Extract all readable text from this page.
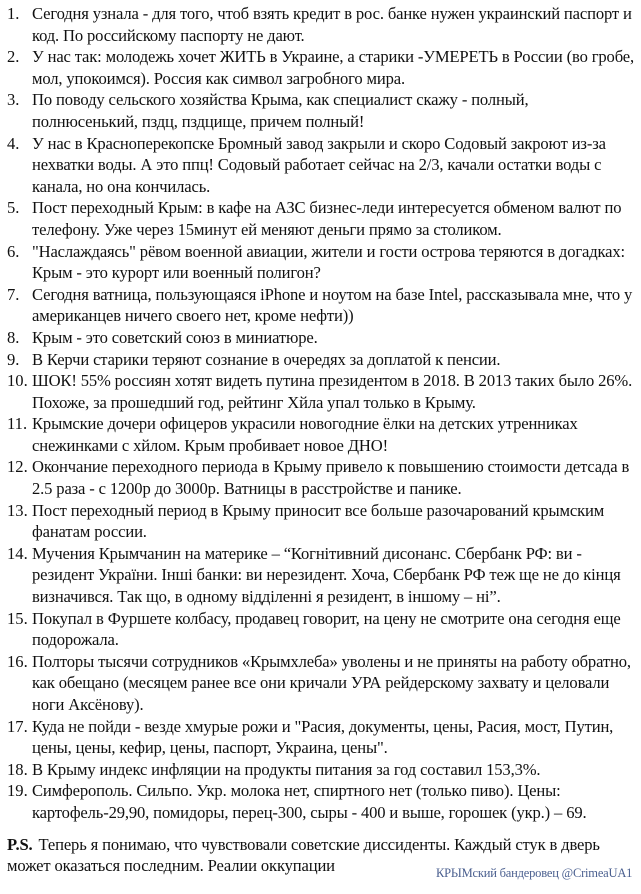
1. Сегодня узнала - для того, чтоб взять кредит в рос. банке нужен украинский паспорт и код. По российскому паспорту не дают.
2. У нас так: молодежь хочет ЖИТЬ в Украине, а старики -УМЕРЕТЬ в России (во гробе, мол, упокоимся). Россия как символ загробного мира.
3. По поводу сельского хозяйства Крыма, как специалист скажу - полный, полнюсенький, пздц, пздцище, причем полный!
4. У нас в Красноперекопске Бромный завод закрыли и скоро Содовый закроют из-за нехватки воды. А это ппц! Содовый работает сейчас на 2/3, качали остатки воды с канала, но она кончилась.
5. Пост переходный Крым: в кафе на АЗС бизнес-леди интересуется обменом валют по телефону. Уже через 15минут ей меняют деньги прямо за столиком.
6. "Наслаждаясь" рёвом военной авиации, жители и гости острова теряются в догадках: Крым - это курорт или военный полигон?
7. Сегодня ватница, пользующаяся iPhone и ноутом на базе Intel, рассказывала мне, что у американцев ничего своего нет, кроме нефти))
8. Крым - это советский союз в миниатюре.
9. В Керчи старики теряют сознание в очередях за доплатой к пенсии.
10. ШОК! 55% россиян хотят видеть путина президентом в 2018. В 2013 таких было 26%. Похоже, за прошедший год, рейтинг Хйла упал только в Крыму.
11. Крымские дочери офицеров украсили новогодние ёлки на детских утренниках снежинками с хйлом. Крым пробивает новое ДНО!
12. Окончание переходного периода в Крыму привело к повышению стоимости детсада в 2.5 раза - с 1200р до 3000р. Ватницы в расстройстве и панике.
13. Пост переходный период в Крыму приносит все больше разочарований крымским фанатам россии.
14. Мучения Крымчанин на материке – “Когнітивний дисонанс. Сбербанк РФ: ви - резидент України. Інші банки: ви нерезидент. Хоча, Сбербанк РФ теж ще не до кінця визначився. Так що, в одному відділенні я резидент, в іншому – ні”.
15. Покупал в Фуршете колбасу, продавец говорит, на цену не смотрите она сегодня еще подорожала.
16. Полторы тысячи сотрудников «Крымхлеба» уволены и не приняты на работу обратно, как обещано (месяцем ранее все они кричали УРА рейдерскому захвату и целовали ноги Аксёнову).
17. Куда не пойди - везде хмурые рожи и "Расия, документы, цены, Расия, мост, Путин, цены, цены, кефир, цены, паспорт, Украина, цены".
18. В Крыму индекс инфляции на продукты питания за год составил 153,3%.
19. Симферополь. Сильпо. Укр. молока нет, спиртного нет (только пиво). Цены: картофель-29,90, помидоры, перец-300, сыры - 400 и выше, горошек (укр.) – 69.

P.S. Теперь я понимаю, что чувствовали советские диссиденты. Каждый стук в дверь может оказаться последним. Реалии оккупации	КРЫМский бандеровец @CrimeaUA1
